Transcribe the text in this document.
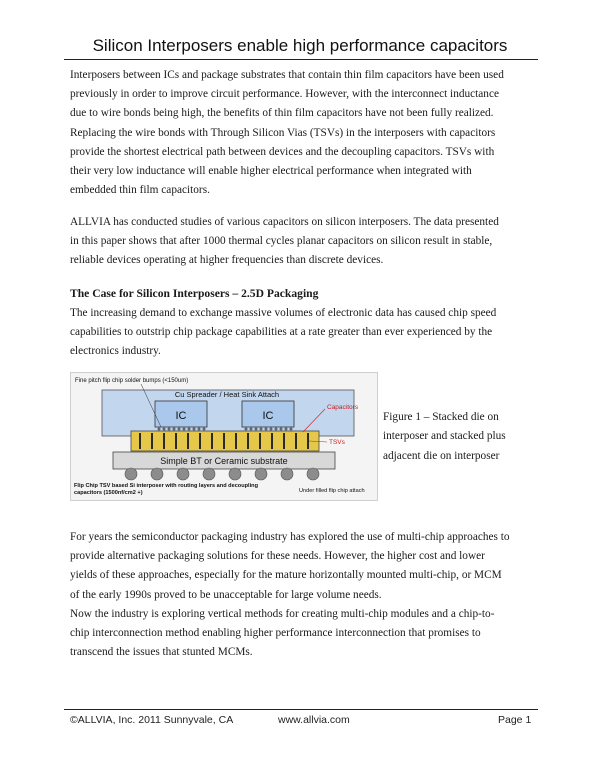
Silicon Interposers enable high performance capacitors
Interposers between ICs and package substrates that contain thin film capacitors have been used
previously in order to improve circuit performance. However, with the interconnect inductance
due to wire bonds being high, the benefits of thin film capacitors have not been fully realized.
Replacing the wire bonds with Through Silicon Vias (TSVs) in the interposers with capacitors
provide the shortest electrical path between devices and the decoupling capacitors. TSVs with
their very low inductance will enable higher electrical performance when integrated with
embedded thin film capacitors.
ALLVIA has conducted studies of various capacitors on silicon interposers. The data presented
in this paper shows that after 1000 thermal cycles planar capacitors on silicon result in stable,
reliable devices operating at higher frequencies than discrete devices.
The Case for Silicon Interposers – 2.5D Packaging
The increasing demand to exchange massive volumes of electronic data has caused chip speed
capabilities to outstrip chip package capabilities at a rate greater than ever experienced by the
electronics industry.
Cu Spreader / Heat Sink Attach
IC	IC
Simple BT or Ceramic substrate
Fine pitch flip chip solder bumps (<150um)
Capacitors
TSVs
Flip Chip TSV based Si interposer with routing layers and decoupling
capacitors (1500nf/cm2 +)	Under filled flip chip attach
Figure 1 – Stacked die on
interposer and stacked plus
adjacent die on interposer
For years the semiconductor packaging industry has explored the use of multi-chip approaches to
provide alternative packaging solutions for these needs. However, the higher cost and lower
yields of these approaches, especially for the mature horizontally mounted multi-chip, or MCM
of the early 1990s proved to be unacceptable for large volume needs.
Now the industry is exploring vertical methods for creating multi-chip modules and a chip-to-
chip interconnection method enabling higher performance interconnection that promises to
transcend the issues that stunted MCMs.
©ALLVIA, Inc. 2011 Sunnyvale, CA	www.allvia.com	Page 1
